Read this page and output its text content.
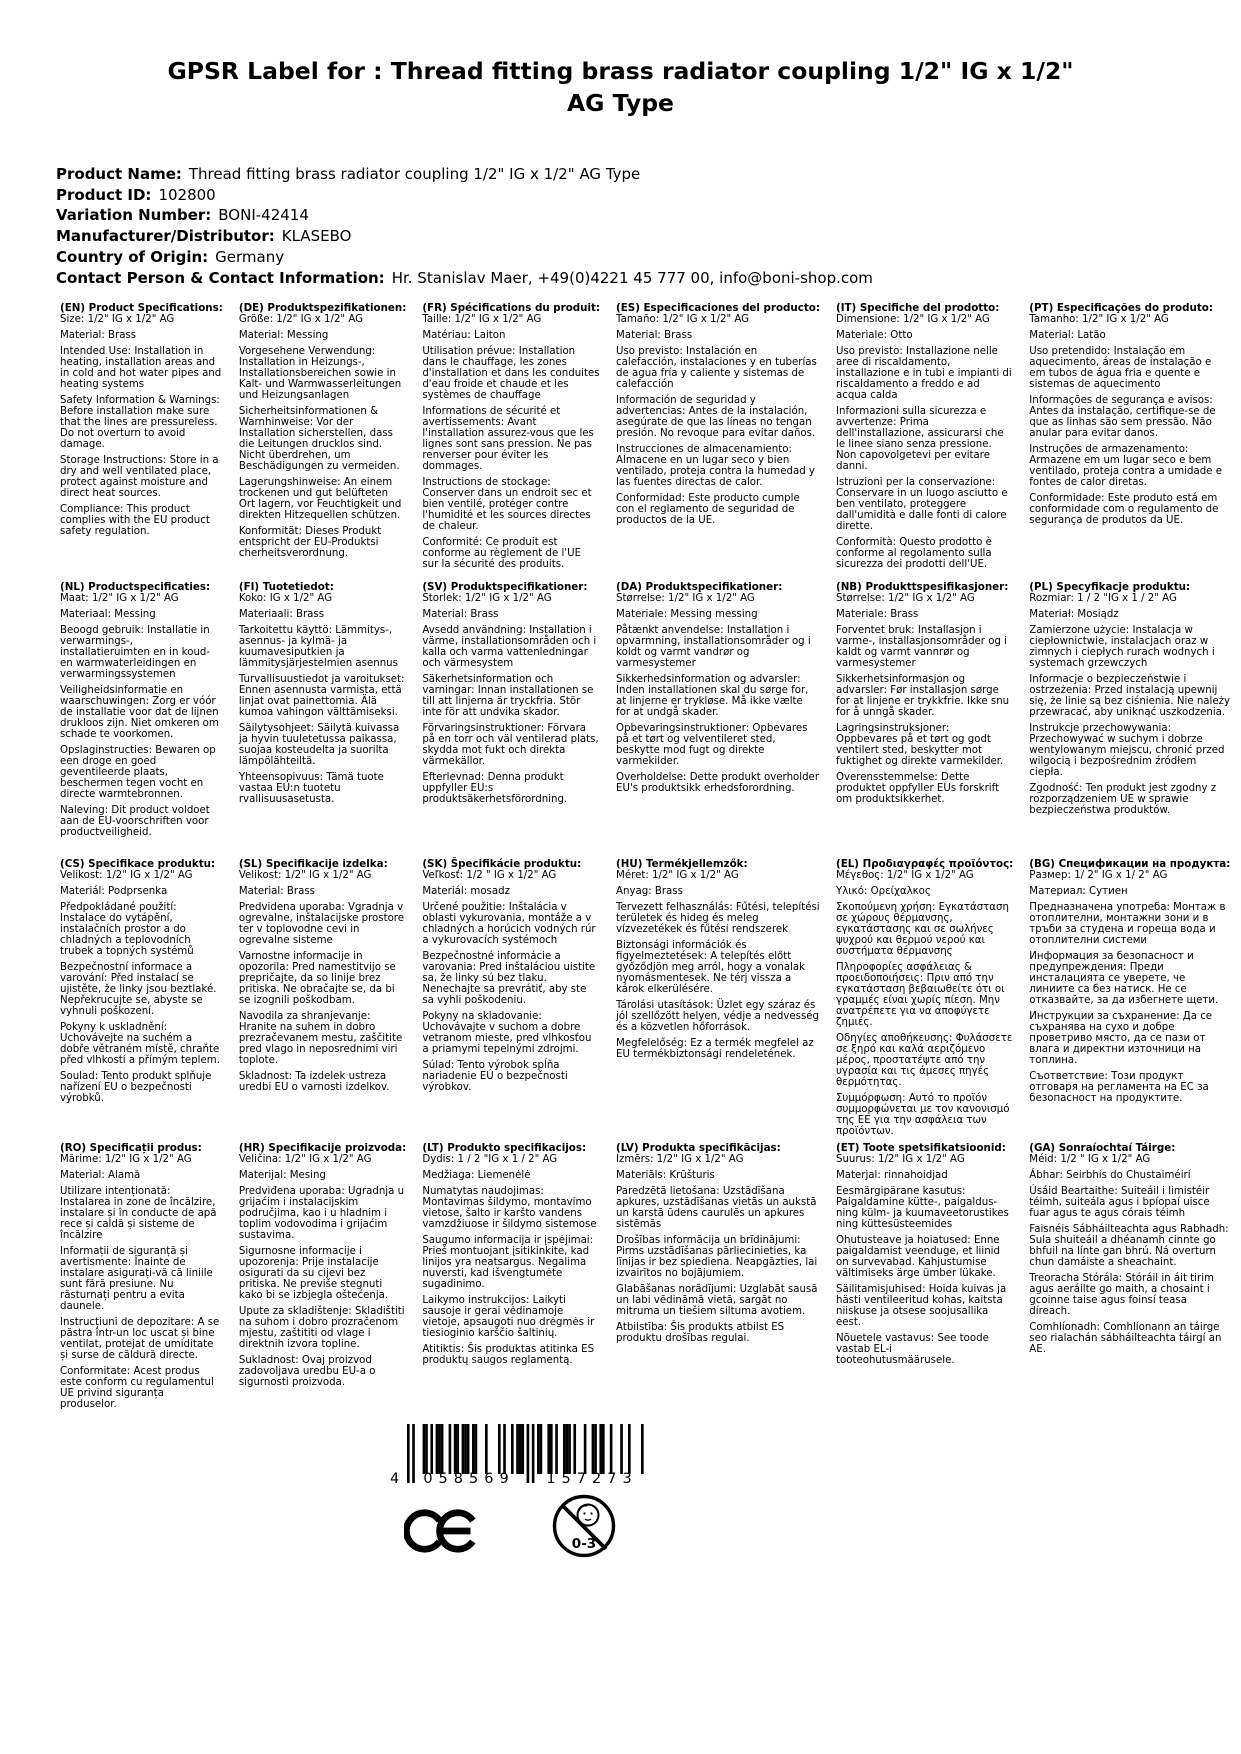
GPSR Label for : Thread fitting brass radiator coupling 1/2" IG x 1/2" AG Type
Product Name: Thread fitting brass radiator coupling 1/2" IG x 1/2" AG Type
Product ID: 102800
Variation Number: BONI-42414
Manufacturer/Distributor: KLASEBO
Country of Origin: Germany
Contact Person & Contact Information: Hr. Stanislav Maer, +49(0)4221 45 777 00, info@boni-shop.com
(EN) Product Specifications:

Size: 1/2" IG x 1/2" AG

Material: Brass

Intended Use: Installation in heating, installation areas and in cold and hot water pipes and heating systems

Safety Information & Warnings: Before installation make sure that the lines are pressureless. Do not overturn to avoid damage.

Storage Instructions: Store in a dry and well ventilated place, protect against moisture and direct heat sources.

Compliance: This product complies with the EU product safety regulation.

(DE) Produktspezifikationen:

Größe: 1/2" IG x 1/2" AG

Material: Messing

Vorgesehene Verwendung: Installation in Heizungs-, Installationsbereichen sowie in Kalt- und Warmwasserleitungen und Heizungsanlagen

Sicherheitsinformationen & Warnhinweise: Vor der Installation sicherstellen, dass die Leitungen drucklos sind. Nicht überdrehen, um Beschädigungen zu vermeiden.

Lagerungshinweise: An einem trockenen und gut belüfteten Ort lagern, vor Feuchtigkeit und direkten Hitzequellen schützen.

Konformität: Dieses Produkt entspricht der EU-Produktsi cherheitsverordnung.

(FR) Spécifications du produit:

Taille: 1/2" IG x 1/2" AG

Matériau: Laiton

Utilisation prévue: Installation dans le chauffage, les zones d'installation et dans les conduites d'eau froide et chaude et les systèmes de chauffage

Informations de sécurité et avertissements: Avant l'installation assurez-vous que les lignes sont sans pression. Ne pas renverser pour éviter les dommages.

Instructions de stockage: Conserver dans un endroit sec et bien ventilé, protéger contre l'humidité et les sources directes de chaleur.

Conformité: Ce produit est conforme au règlement de l'UE sur la sécurité des produits.

(ES) Especificaciones del producto:

Tamaño: 1/2" IG x 1/2" AG

Material: Brass

Uso previsto: Instalación en calefacción, instalaciones y en tuberías de agua fría y caliente y sistemas de calefacción

Información de seguridad y advertencias: Antes de la instalación, asegúrate de que las líneas no tengan presión. No revoque para evitar daños.

Instrucciones de almacenamiento: Almacene en un lugar seco y bien ventilado, proteja contra la humedad y las fuentes directas de calor.

Conformidad: Este producto cumple con el reglamento de seguridad de productos de la UE.

(IT) Specifiche del prodotto:

Dimensione: 1/2" IG x 1/2" AG

Materiale: Otto

Uso previsto: Installazione nelle aree di riscaldamento, installazione e in tubi e impianti di riscaldamento a freddo e ad acqua calda

Informazioni sulla sicurezza e avvertenze: Prima dell'installazione, assicurarsi che le linee siano senza pressione. Non capovolgetevi per evitare danni.

Istruzioni per la conservazione: Conservare in un luogo asciutto e ben ventilato, proteggere dall'umidità e dalle fonti di calore dirette.

Conformità: Questo prodotto è conforme al regolamento sulla sicurezza dei prodotti dell'UE.

(PT) Especificações do produto:

Tamanho: 1/2" IG x 1/2" AG

Material: Latão

Uso pretendido: Instalação em aquecimento, áreas de instalação e em tubos de água fria e quente e sistemas de aquecimento

Informações de segurança e avisos: Antes da instalação, certifique-se de que as linhas são sem pressão. Não anular para evitar danos.

Instruções de armazenamento: Armazene em um lugar seco e bem ventilado, proteja contra a umidade e fontes de calor diretas.

Conformidade: Este produto está em conformidade com o regulamento de segurança de produtos da UE.

(NL) Productspecificaties:

Maat: 1/2" IG x 1/2" AG

Materiaal: Messing

Beoogd gebruik: Installatie in verwarmings-, installatieruimten en in koud- en warmwaterleidingen en verwarmingssystemen

Veiligheidsinformatie en waarschuwingen: Zorg er vóór de installatie voor dat de lijnen drukloos zijn. Niet omkeren om schade te voorkomen.

Opslaginstructies: Bewaren op een droge en goed geventileerde plaats, beschermen tegen vocht en directe warmtebronnen.

Naleving: Dit product voldoet aan de EU-voorschriften voor productveiligheid.

(FI) Tuotetiedot:

Koko: IG x 1/2" AG

Materiaali: Brass

Tarkoitettu käyttö: Lämmitys-, asennus- ja kylmä- ja kuumavesiputkien ja lämmitysjärjestelmien asennus

Turvallisuustiedot ja varoitukset: Ennen asennusta varmista, että linjat ovat painettomia. Älä kumoa vahingon välttämiseksi.

Säilytysohjeet: Säilytä kuivassa ja hyvin tuuletetussa paikassa, suojaa kosteudelta ja suorilta lämpölähteiltä.

Yhteensopivuus: Tämä tuote vastaa EU:n tuotetu rvallisuusasetusta.

(SV) Produktspecifikationer:

Storlek: 1/2" IG x 1/2" AG

Material: Brass

Avsedd användning: Installation i värme, installationsområden och i kalla och varma vattenledningar och värmesystem

Säkerhetsinformation och varningar: Innan installationen se till att linjerna är tryckfria. Stör inte för att undvika skador.

Förvaringsinstruktioner: Förvara på en torr och väl ventilerad plats, skydda mot fukt och direkta värmekällor.

Efterlevnad: Denna produkt uppfyller EU:s produktsäkerhetsförordning.

(DA) Produktspecifikationer:

Størrelse: 1/2" IG x 1/2" AG

Materiale: Messing messing

Påtænkt anvendelse: Installation i opvarmning, installationsområder og i koldt og varmt vandrør og varmesystemer

Sikkerhedsinformation og advarsler: Inden installationen skal du sørge for, at linjerne er trykløse. Må ikke vælte for at undgå skader.

Opbevaringsinstruktioner: Opbevares på et tørt og velventileret sted, beskytte mod fugt og direkte varmekilder.

Overholdelse: Dette produkt overholder EU's produktsikk erhedsforordning.

(NB) Produkttspesifikasjoner:

Størrelse: 1/2" IG x 1/2" AG

Materiale: Brass

Forventet bruk: Installasjon i varme-, installasjonsområder og i kaldt og varmt vannrør og varmesystemer

Sikkerhetsinformasjon og advarsler: Før installasjon sørge for at linjene er trykkfrie. Ikke snu for å unngå skader.

Lagringsinstruksjoner: Oppbevares på et tørt og godt ventilert sted, beskytter mot fuktighet og direkte varmekilder.

Overensstemmelse: Dette produktet oppfyller EUs forskrift om produktsikkerhet.

(PL) Specyfikacje produktu:

Rozmiar: 1 / 2 "IG x 1 / 2" AG

Materiał: Mosiądz

Zamierzone użycie: Instalacja w ciepłownictwie, instalacjach oraz w zimnych i ciepłych rurach wodnych i systemach grzewczych

Informacje o bezpieczeństwie i ostrzeżenia: Przed instalacją upewnij się, że linie są bez ciśnienia. Nie należy przewracać, aby uniknąć uszkodzenia.

Instrukcje przechowywania: Przechowywać w suchym i dobrze wentylowanym miejscu, chronić przed wilgocią i bezpośrednim źródłem ciepła.

Zgodność: Ten produkt jest zgodny z rozporządzeniem UE w sprawie bezpieczeństwa produktów.

(CS) Specifikace produktu:

Velikost: 1/2" IG x 1/2" AG

Materiál: Podprsenka

Předpokládané použití: Instalace do vytápění, instalačních prostor a do chladných a teplovodních trubek a topných systémů

Bezpečnostní informace a varování: Před instalací se ujistěte, že linky jsou beztlaké. Nepřekrucujte se, abyste se vyhnuli poškození.

Pokyny k uskladnění: Uchovávejte na suchém a dobře větraném místě, chraňte před vlhkostí a přímým teplem.

Soulad: Tento produkt splňuje nařízení EU o bezpečnosti výrobků.

(SL) Specifikacije izdelka:

Velikost: 1/2" IG x 1/2" AG

Material: Brass

Predvidena uporaba: Vgradnja v ogrevalne, inštalacijske prostore ter v toplovodne cevi in ogrevalne sisteme

Varnostne informacije in opozorila: Pred namestitvijo se prepričajte, da so linije brez pritiska. Ne obračajte se, da bi se izognili poškodbam.

Navodila za shranjevanje: Hranite na suhem in dobro prezračevanem mestu, zaščitite pred vlago in neposrednimi viri toplote.

Skladnost: Ta izdelek ustreza uredbi EU o varnosti izdelkov.

(SK) Špecifikácie produktu:

Veľkosť: 1/2 " IG x 1/2" AG

Materiál: mosadz

Určené použitie: Inštalácia v oblasti vykurovania, montáže a v chladných a horúcich vodných rúr a vykurovacích systémoch

Bezpečnostné informácie a varovania: Pred inštaláciou uistite sa, že linky sú bez tlaku. Nenechajte sa prevrátiť, aby ste sa vyhli poškodeniu.

Pokyny na skladovanie: Uchovávajte v suchom a dobre vetranom mieste, pred vlhkosťou a priamymi tepelnými zdrojmi.

Súlad: Tento výrobok spĺňa nariadenie EÚ o bezpečnosti výrobkov.

(HU) Termékjellemzők:

Méret: 1/2" IG x 1/2" AG

Anyag: Brass

Tervezett felhasználás: Fűtési, telepítési területek és hideg és meleg vízvezetékek és fűtési rendszerek

Biztonsági információk és figyelmeztetések: A telepítés előtt győződjön meg arról, hogy a vonalak nyomásmentesek. Ne térj vissza a károk elkerülésére.

Tárolási utasítások: Üzlet egy száraz és jól szellőzött helyen, védje a nedvesség és a közvetlen hőforrások.

Megfelelőség: Ez a termék megfelel az EU termékbiztonsági rendeletének.

(EL) Προδιαγραφές προϊόντος:

Μέγεθος: 1/2" IG x 1/2" AG

Υλικό: Ορείχαλκος

Σκοπούμενη χρήση: Εγκατάσταση σε χώρους θέρμανσης, εγκατάστασης και σε σωλήνες ψυχρού και θερμού νερού και συστήματα θέρμανσης

Πληροφορίες ασφάλειας & προειδοποιήσεις: Πριν από την εγκατάσταση βεβαιωθείτε ότι οι γραμμές είναι χωρίς πίεση. Μην ανατρέπετε για να αποφύγετε ζημιές.

Οδηγίες αποθήκευσης: Φυλάσσετε σε ξηρό και καλά αεριζόμενο μέρος, προστατέψτε από την υγρασία και τις άμεσες πηγές θερμότητας.

Συμμόρφωση: Αυτό το προϊόν συμμορφώνεται με τον κανονισμό της ΕΕ για την ασφάλεια των προϊόντων.

(BG) Спецификации на продукта:

Размер: 1/ 2" IG x 1/ 2" AG

Материал: Сутиен

Предназначена употреба: Монтаж в отоплителни, монтажни зони и в тръби за студена и гореща вода и отоплителни системи

Информация за безопасност и предупреждения: Преди инсталацията се уверете, че линиите са без натиск. Не се отказвайте, за да избегнете щети.

Инструкции за съхранение: Да се съхранява на сухо и добре проветриво място, да се пази от влага и директни източници на топлина.

Съответствие: Този продукт отговаря на регламента на ЕС за безопасност на продуктите.

(RO) Specificații produs:

Mărime: 1/2" IG x 1/2" AG

Material: Alamă

Utilizare intenționată: Instalarea in zone de încălzire, instalare și în conducte de apă rece și caldă și sisteme de încălzire

Informații de siguranță și avertismente: Înainte de instalare asigurați-vă că liniile sunt fără presiune. Nu răsturnați pentru a evita daunele.

Instrucțiuni de depozitare: A se păstra într-un loc uscat și bine ventilat, protejat de umiditate și surse de căldură directe.

Conformitate: Acest produs este conform cu regulamentul UE privind siguranța produselor.

(HR) Specifikacije proizvoda:

Veličina: 1/2" IG x 1/2" AG

Materijal: Mesing

Predviđena uporaba: Ugradnja u grijaćim i instalacijskim područjima, kao i u hladnim i toplim vodovodima i grijaćim sustavima.

Sigurnosne informacije i upozorenja: Prije instalacije osigurati da su cijevi bez pritiska. Ne previše stegnuti kako bi se izbjegla oštećenja.

Upute za skladištenje: Skladištiti na suhom i dobro prozračenom mjestu, zaštititi od vlage i direktnih izvora topline.

Sukladnost: Ovaj proizvod zadovoljava uredbu EU-a o sigurnosti proizvoda.

(LT) Produkto specifikacijos:

Dydis: 1 / 2 "IG x 1 / 2" AG

Medžiaga: Liemenėlė

Numatytas naudojimas: Montavimas šildymo, montavimo vietose, šalto ir karšto vandens vamzdžiuose ir šildymo sistemose

Saugumo informacija ir įspėjimai: Prieš montuojant įsitikinkite, kad linijos yra neatsargus. Negalima nuversti, kad išvengtumėte sugadinimo.

Laikymo instrukcijos: Laikyti sausoje ir gerai vėdinamoje vietoje, apsaugoti nuo drėgmės ir tiesioginio karščio šaltinių.

Atitiktis: Šis produktas atitinka ES produktų saugos reglamentą.

(LV) Produkta specifikācijas:

Izmērs: 1/2" IG x 1/2" AG

Materiāls: Krūšturis

Paredzētā lietošana: Uzstādīšana apkures, uzstādīšanas vietās un aukstā un karstā ūdens caurulēs un apkures sistēmās

Drošības informācija un brīdinājumi: Pirms uzstādīšanas pārliecinieties, ka līnijas ir bez spiediena. Neapgāzties, lai izvairītos no bojājumiem.

Glabāšanas norādījumi: Uzglabāt sausā un labi vēdināmā vietā, sargāt no mitruma un tiešiem siltuma avotiem.

Atbilstība: Šis produkts atbilst ES produktu drošības regulai.

(ET) Toote spetsifikatsioonid:

Suurus: 1/2" IG x 1/2" AG

Materjal: rinnahoidjad

Eesmärgipärane kasutus: Paigaldamine kütte-, paigaldus- ning külm- ja kuumaveetorustikes ning küttesüsteemides

Ohutusteave ja hoiatused: Enne paigaldamist veenduge, et liinid on survevabad. Kahjustumise vältimiseks ärge ümber lükake.

Säilitamisjuhised: Hoida kuivas ja hästi ventileeritud kohas, kaitsta niiskuse ja otsese soojusallika eest.

Nõuetele vastavus: See toode vastab EL-i tooteohutusmäärusele.

(GA) Sonraíochtaí Táirge:

Méid: 1/2 " IG x 1/2" AG

Ábhar: Seirbhís do Chustaiméirí

Úsáid Beartaithe: Suiteáil i limistéir téimh, suiteála agus i bpíopaí uisce fuar agus te agus córais téimh

Faisnéis Sábháilteachta agus Rabhadh: Sula shuiteáil a dhéanamh cinnte go bhfuil na línte gan bhrú. Ná overturn chun damáiste a sheachaint.

Treoracha Stórála: Stóráil in áit tirim agus aeráilte go maith, a chosaint i gcoinne taise agus foinsí teasa díreach.

Comhlíonadh: Comhlíonann an táirge seo rialachán sábháilteachta táirgí an AE.

4	058569	157273
0-3
